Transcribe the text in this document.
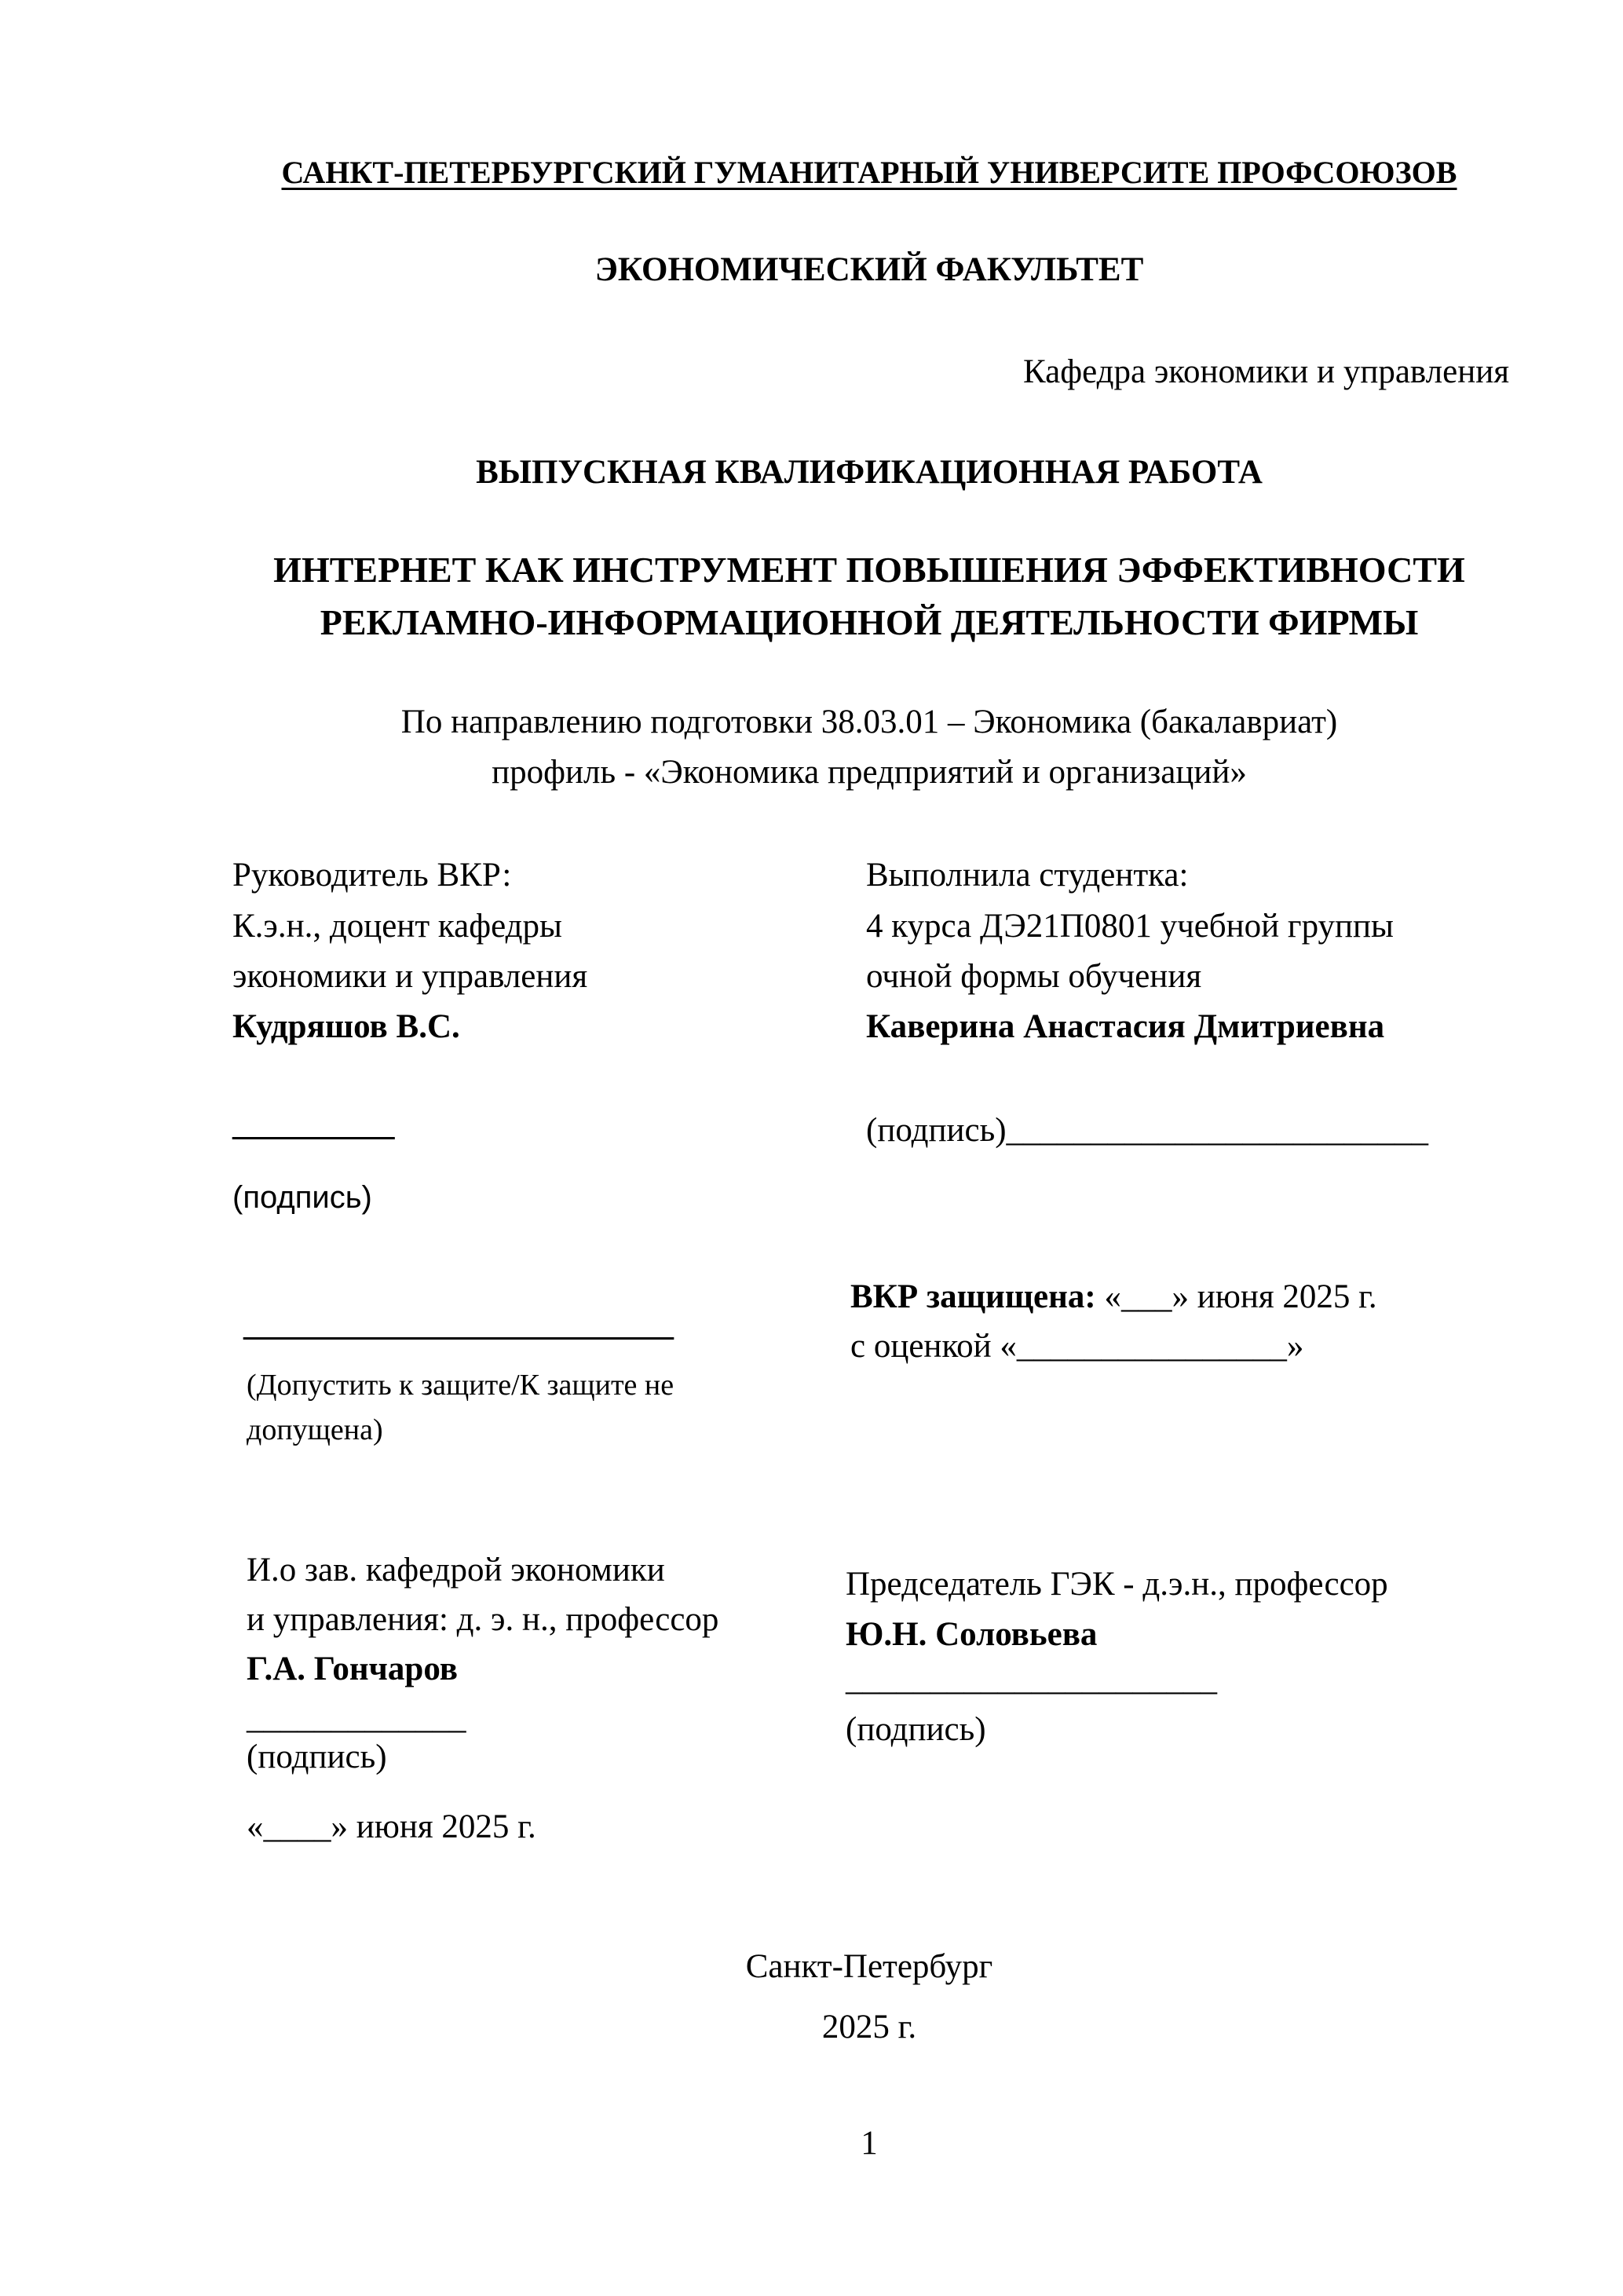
САНКТ-ПЕТЕРБУРГСКИЙ ГУМАНИТАРНЫЙ УНИВЕРСИТЕ ПРОФСОЮЗОВ
ЭКОНОМИЧЕСКИЙ ФАКУЛЬТЕТ
Кафедра экономики и управления
ВЫПУСКНАЯ КВАЛИФИКАЦИОННАЯ РАБОТА
ИНТЕРНЕТ КАК ИНСТРУМЕНТ ПОВЫШЕНИЯ ЭФФЕКТИВНОСТИ
РЕКЛАМНО-ИНФОРМАЦИОННОЙ ДЕЯТЕЛЬНОСТИ ФИРМЫ
По направлению подготовки 38.03.01 – Экономика (бакалавриат)
профиль - «Экономика предприятий и организаций»
Руководитель ВКР:
К.э.н., доцент кафедры
экономики и управления
Кудряшов В.С.
___________
(подпись)
Выполнила студентка:
4 курса ДЭ21П0801 учебной группы
очной формы обучения
Каверина Анастасия Дмитриевна
(подпись)_________________________
____________________________
(Допустить к защите/К защите не
допущена)
ВКР защищена: «___» июня 2025 г.
с оценкой «________________»
И.о зав. кафедрой экономики
и управления: д. э. н., профессор
Г.А. Гончаров
_____________
(подпись)
«____» июня 2025 г.
Председатель ГЭК - д.э.н., профессор
Ю.Н. Соловьева
______________________
(подпись)
Санкт-Петербург
2025 г.
1
